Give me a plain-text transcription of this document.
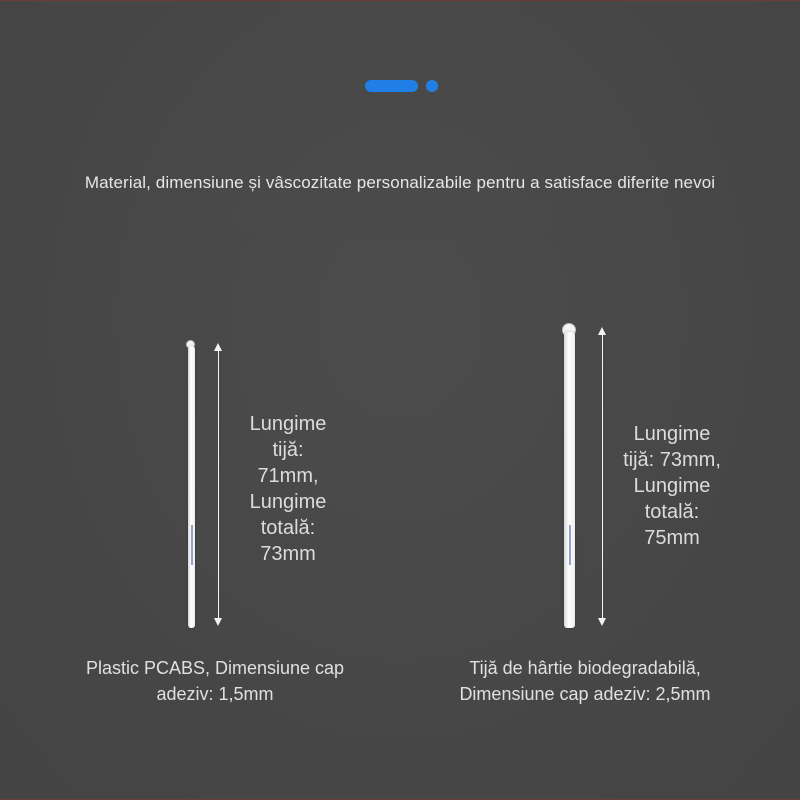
Material, dimensiune și vâscozitate personalizabile pentru a satisface diferite nevoi
Lungime
tijă:
71mm,
Lungime
totală:
73mm
Plastic PCABS, Dimensiune cap
adeziv: 1,5mm
Lungime
tijă: 73mm,
Lungime
totală:
75mm
Tijă de hârtie biodegradabilă,
Dimensiune cap adeziv: 2,5mm
